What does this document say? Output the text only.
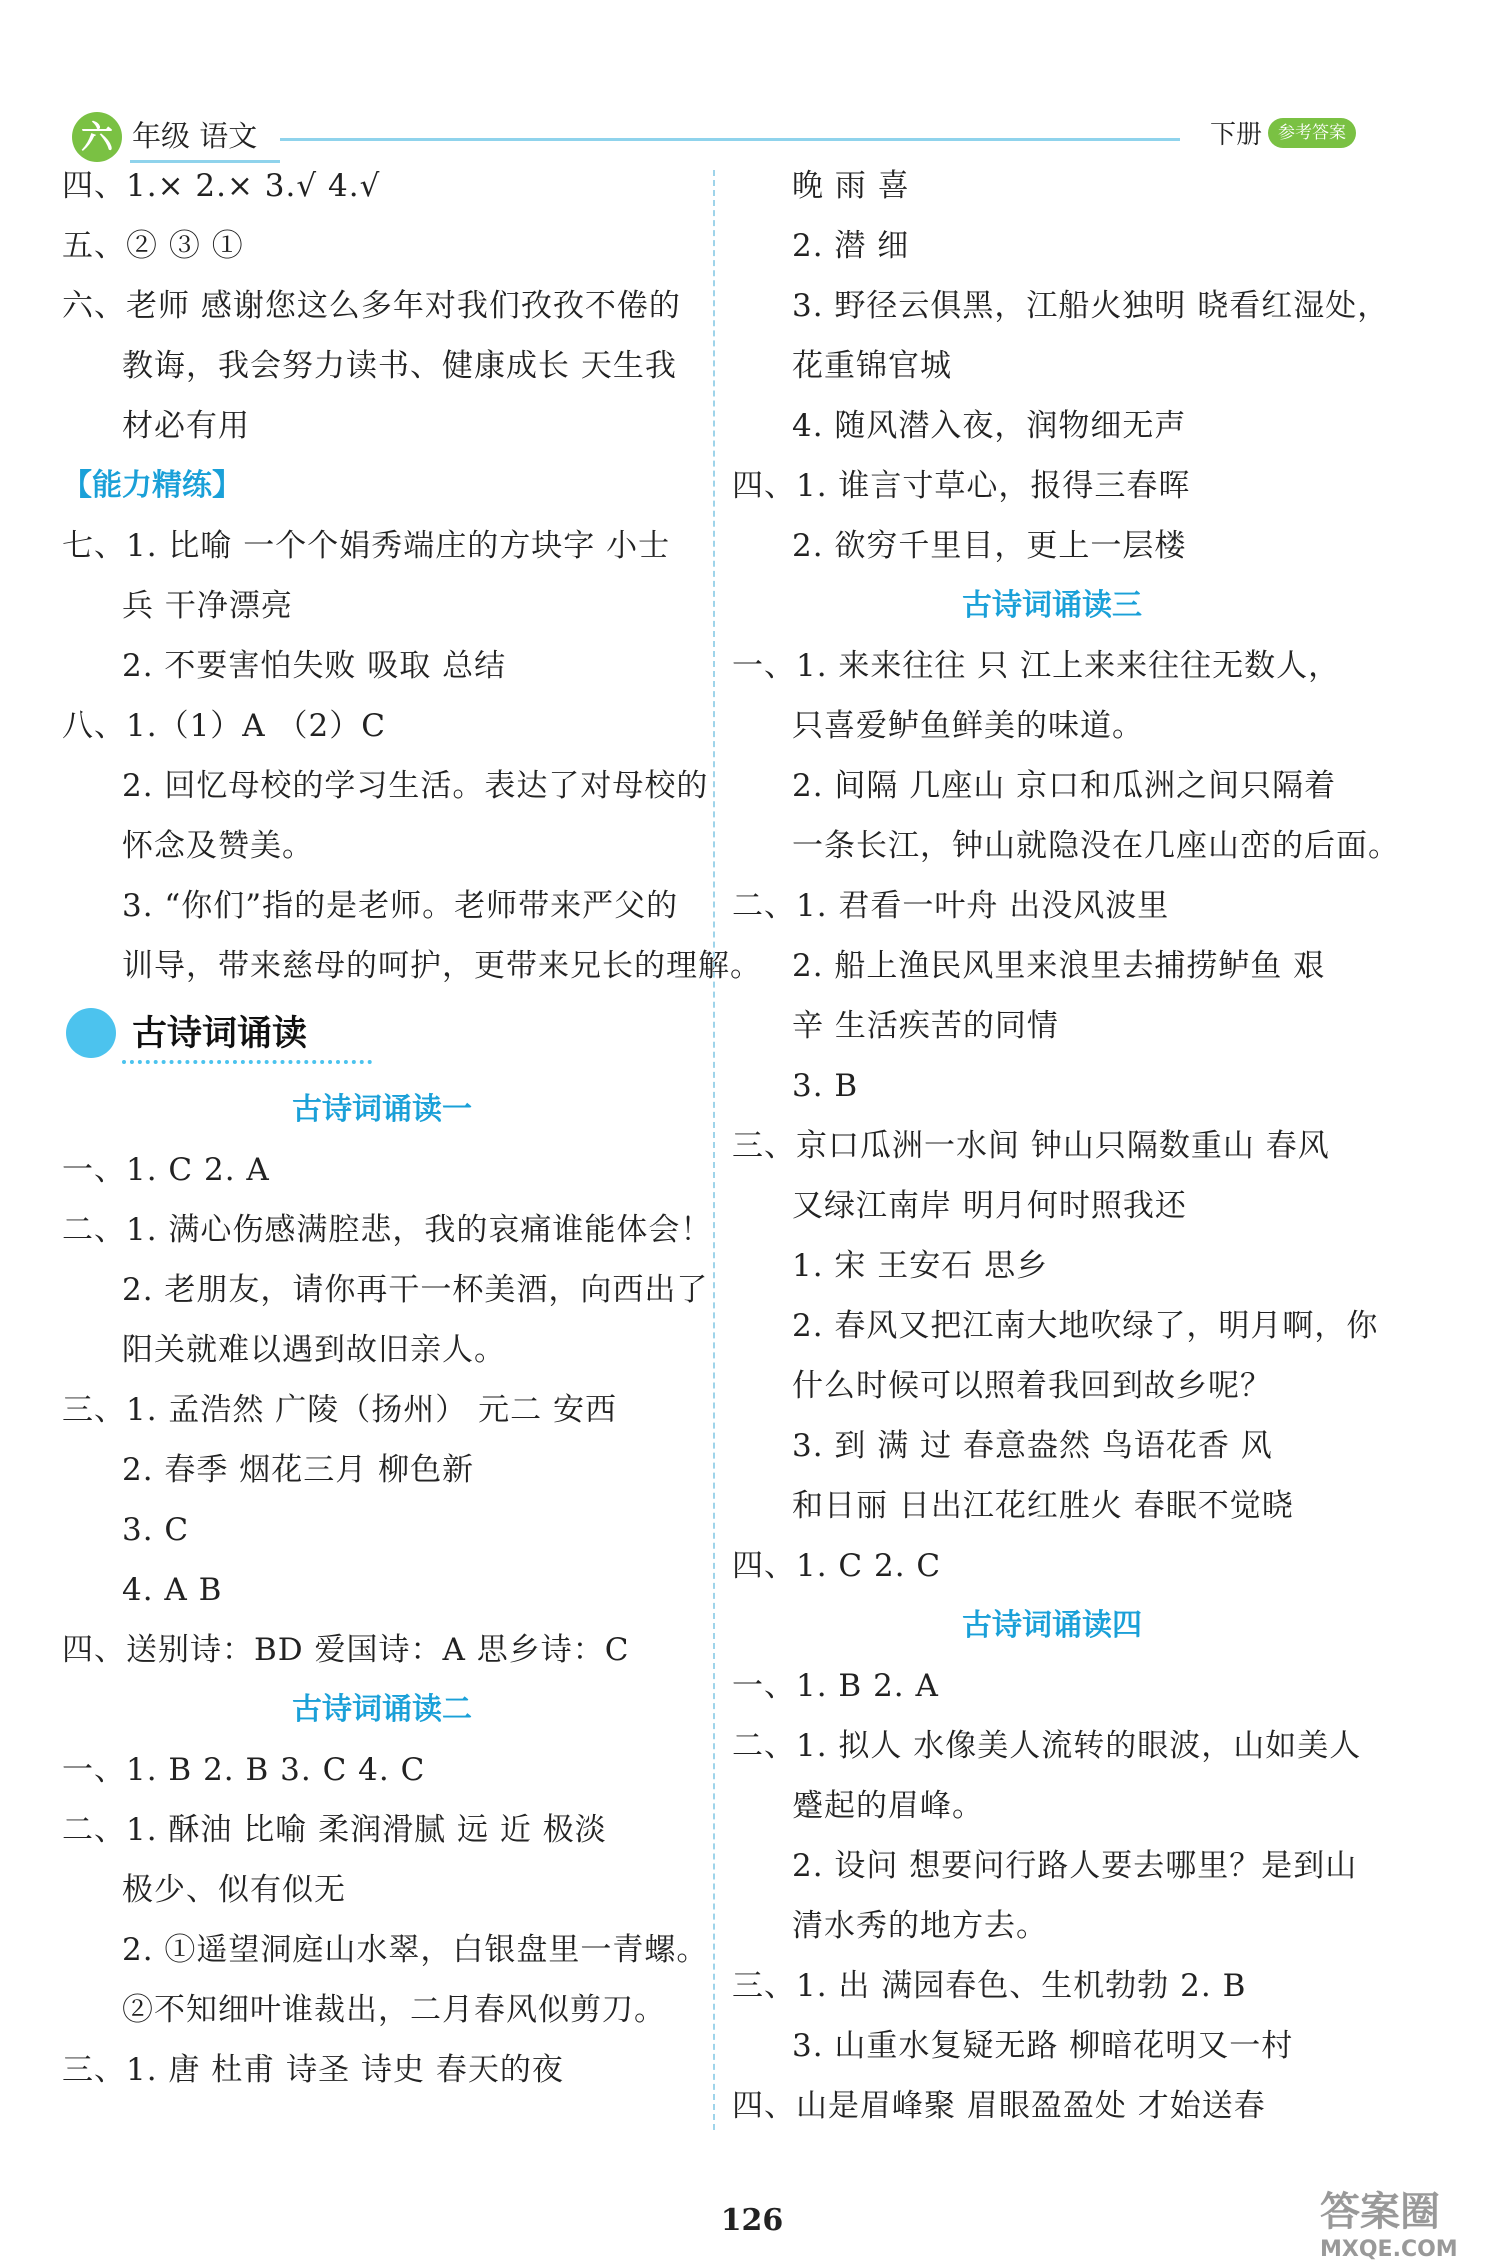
六 年级 语文	下册 参考答案
四、1.× 2.× 3.√ 4.√
五、② ③ ①
六、老师 感谢您这么多年对我们孜孜不倦的
教诲，我会努力读书、健康成长 天生我
材必有用
【能力精练】
七、1. 比喻 一个个娟秀端庄的方块字 小士
兵 干净漂亮
2. 不要害怕失败 吸取 总结
八、1.（1）A （2）C
2. 回忆母校的学习生活。表达了对母校的
怀念及赞美。
3. “你们”指的是老师。老师带来严父的
训导，带来慈母的呵护，更带来兄长的理解。
古诗词诵读
古诗词诵读一
一、1. C 2. A
二、1. 满心伤感满腔悲，我的哀痛谁能体会！
2. 老朋友，请你再干一杯美酒，向西出了
阳关就难以遇到故旧亲人。
三、1. 孟浩然 广陵（扬州） 元二 安西
2. 春季 烟花三月 柳色新
3. C
4. A B
四、送别诗：BD 爱国诗：A 思乡诗：C
古诗词诵读二
一、1. B 2. B 3. C 4. C
二、1. 酥油 比喻 柔润滑腻 远 近 极淡
极少、似有似无
2. ①遥望洞庭山水翠，白银盘里一青螺。
②不知细叶谁裁出，二月春风似剪刀。
三、1. 唐 杜甫 诗圣 诗史 春天的夜
晚 雨 喜
2. 潜 细
3. 野径云俱黑，江船火独明 晓看红湿处，
花重锦官城
4. 随风潜入夜，润物细无声
四、1. 谁言寸草心，报得三春晖
2. 欲穷千里目，更上一层楼
古诗词诵读三
一、1. 来来往往 只 江上来来往往无数人，
只喜爱鲈鱼鲜美的味道。
2. 间隔 几座山 京口和瓜洲之间只隔着
一条长江，钟山就隐没在几座山峦的后面。
二、1. 君看一叶舟 出没风波里
2. 船上渔民风里来浪里去捕捞鲈鱼 艰
辛 生活疾苦的同情
3. B
三、京口瓜洲一水间 钟山只隔数重山 春风
又绿江南岸 明月何时照我还
1. 宋 王安石 思乡
2. 春风又把江南大地吹绿了，明月啊，你
什么时候可以照着我回到故乡呢？
3. 到 满 过 春意盎然 鸟语花香 风
和日丽 日出江花红胜火 春眠不觉晓
四、1. C 2. C
古诗词诵读四
一、1. B 2. A
二、1. 拟人 水像美人流转的眼波，山如美人
蹙起的眉峰。
2. 设问 想要问行路人要去哪里？是到山
清水秀的地方去。
三、1. 出 满园春色、生机勃勃 2. B
3. 山重水复疑无路 柳暗花明又一村
四、山是眉峰聚 眉眼盈盈处 才始送春
126	答案圈
MXQE.COM
